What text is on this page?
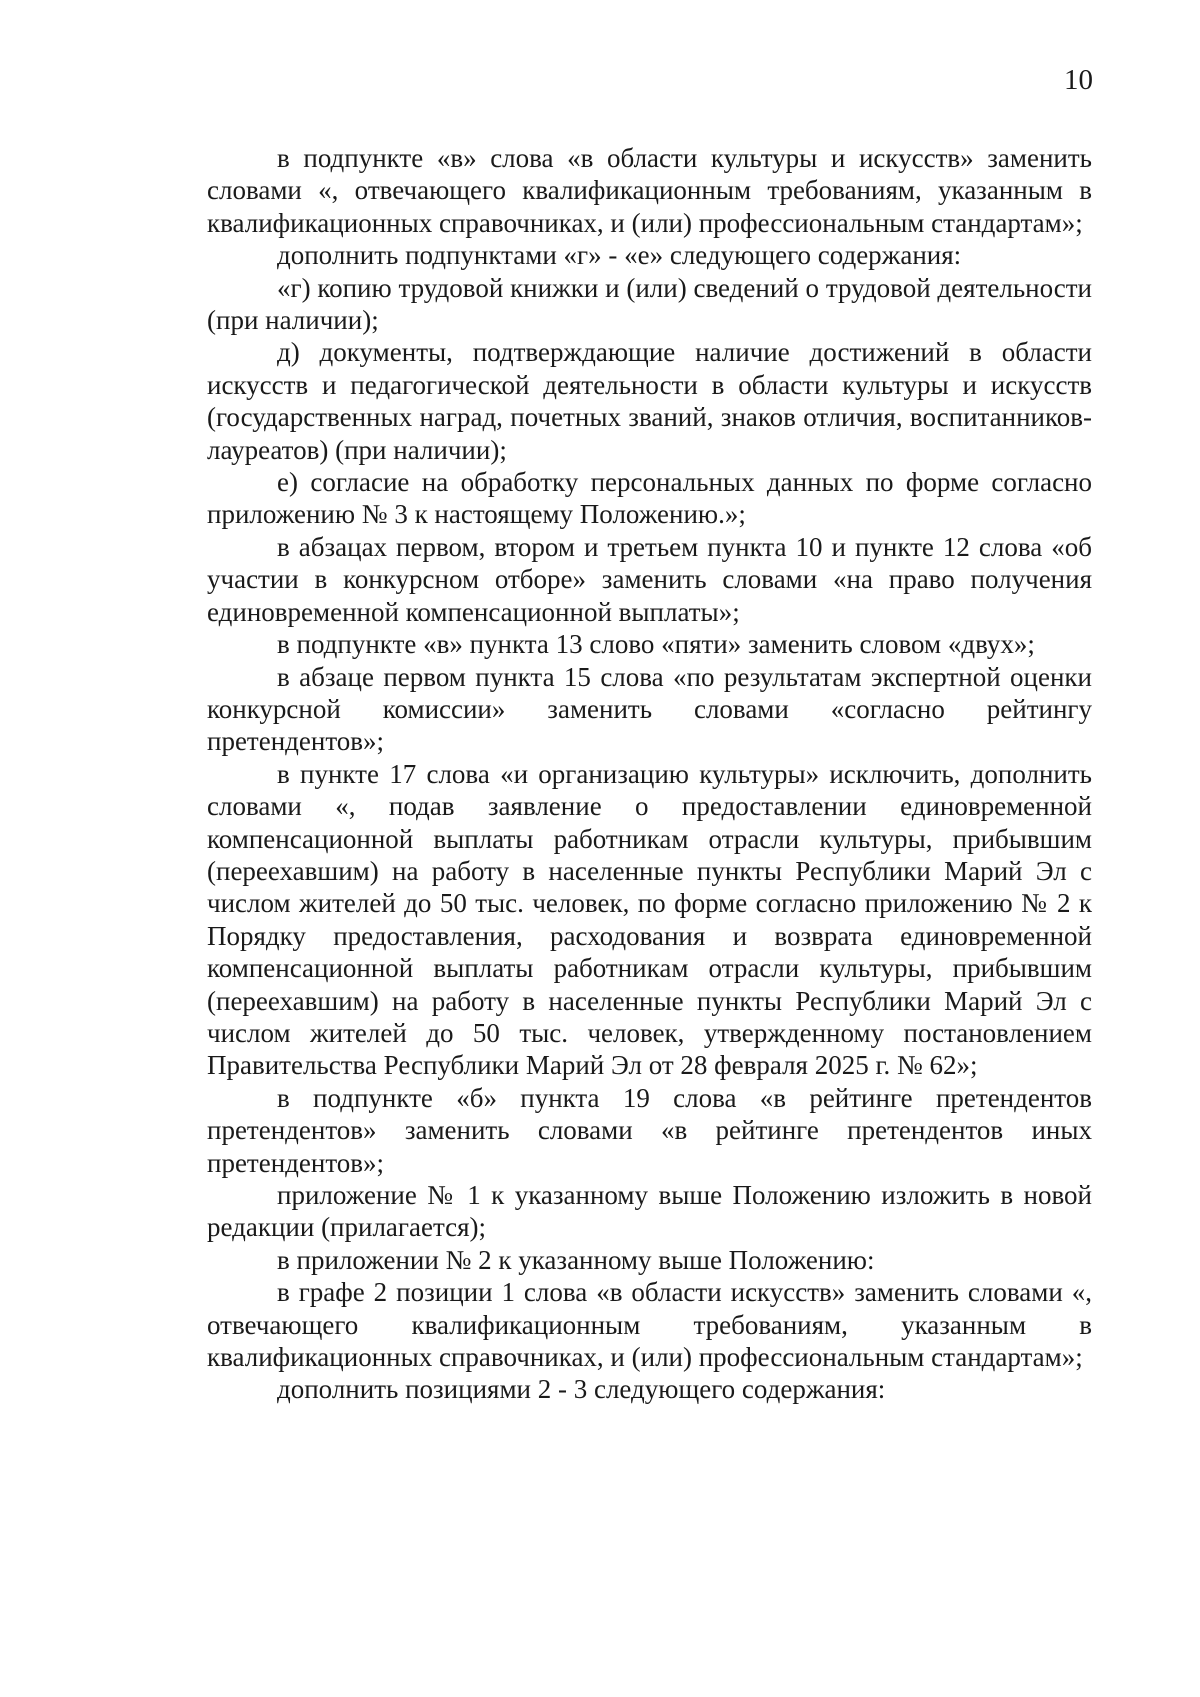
10

в подпункте «в» слова «в области культуры и искусств» заменить словами «, отвечающего квалификационным требованиям, указанным в квалификационных справочниках, и (или) профессиональным стандартам»;

дополнить подпунктами «г» - «е» следующего содержания:

«г) копию трудовой книжки и (или) сведений о трудовой деятельности (при наличии);

д) документы, подтверждающие наличие достижений в области искусств и педагогической деятельности в области культуры и искусств (государственных наград, почетных званий, знаков отличия, воспитанников-лауреатов) (при наличии);

е) согласие на обработку персональных данных по форме согласно приложению № 3 к настоящему Положению.»;

в абзацах первом, втором и третьем пункта 10 и пункте 12 слова «об участии в конкурсном отборе» заменить словами «на право получения единовременной компенсационной выплаты»;

в подпункте «в» пункта 13 слово «пяти» заменить словом «двух»;

в абзаце первом пункта 15 слова «по результатам экспертной оценки конкурсной комиссии» заменить словами «согласно рейтингу претендентов»;

в пункте 17 слова «и организацию культуры» исключить, дополнить словами «, подав заявление о предоставлении единовременной компенсационной выплаты работникам отрасли культуры, прибывшим (переехавшим) на работу в населенные пункты Республики Марий Эл с числом жителей до 50 тыс. человек, по форме согласно приложению № 2 к Порядку предоставления, расходования и возврата единовременной компенсационной выплаты работникам отрасли культуры, прибывшим (переехавшим) на работу в населенные пункты Республики Марий Эл с числом жителей до 50 тыс. человек, утвержденному постановлением Правительства Республики Марий Эл от 28 февраля 2025 г. № 62»;

в подпункте «б» пункта 19 слова «в рейтинге претендентов претендентов» заменить словами «в рейтинге претендентов иных претендентов»;

приложение № 1 к указанному выше Положению изложить в новой редакции (прилагается);

в приложении № 2 к указанному выше Положению:

в графе 2 позиции 1 слова «в области искусств» заменить словами «, отвечающего квалификационным требованиям, указанным в квалификационных справочниках, и (или) профессиональным стандартам»;

дополнить позициями 2 - 3 следующего содержания:
